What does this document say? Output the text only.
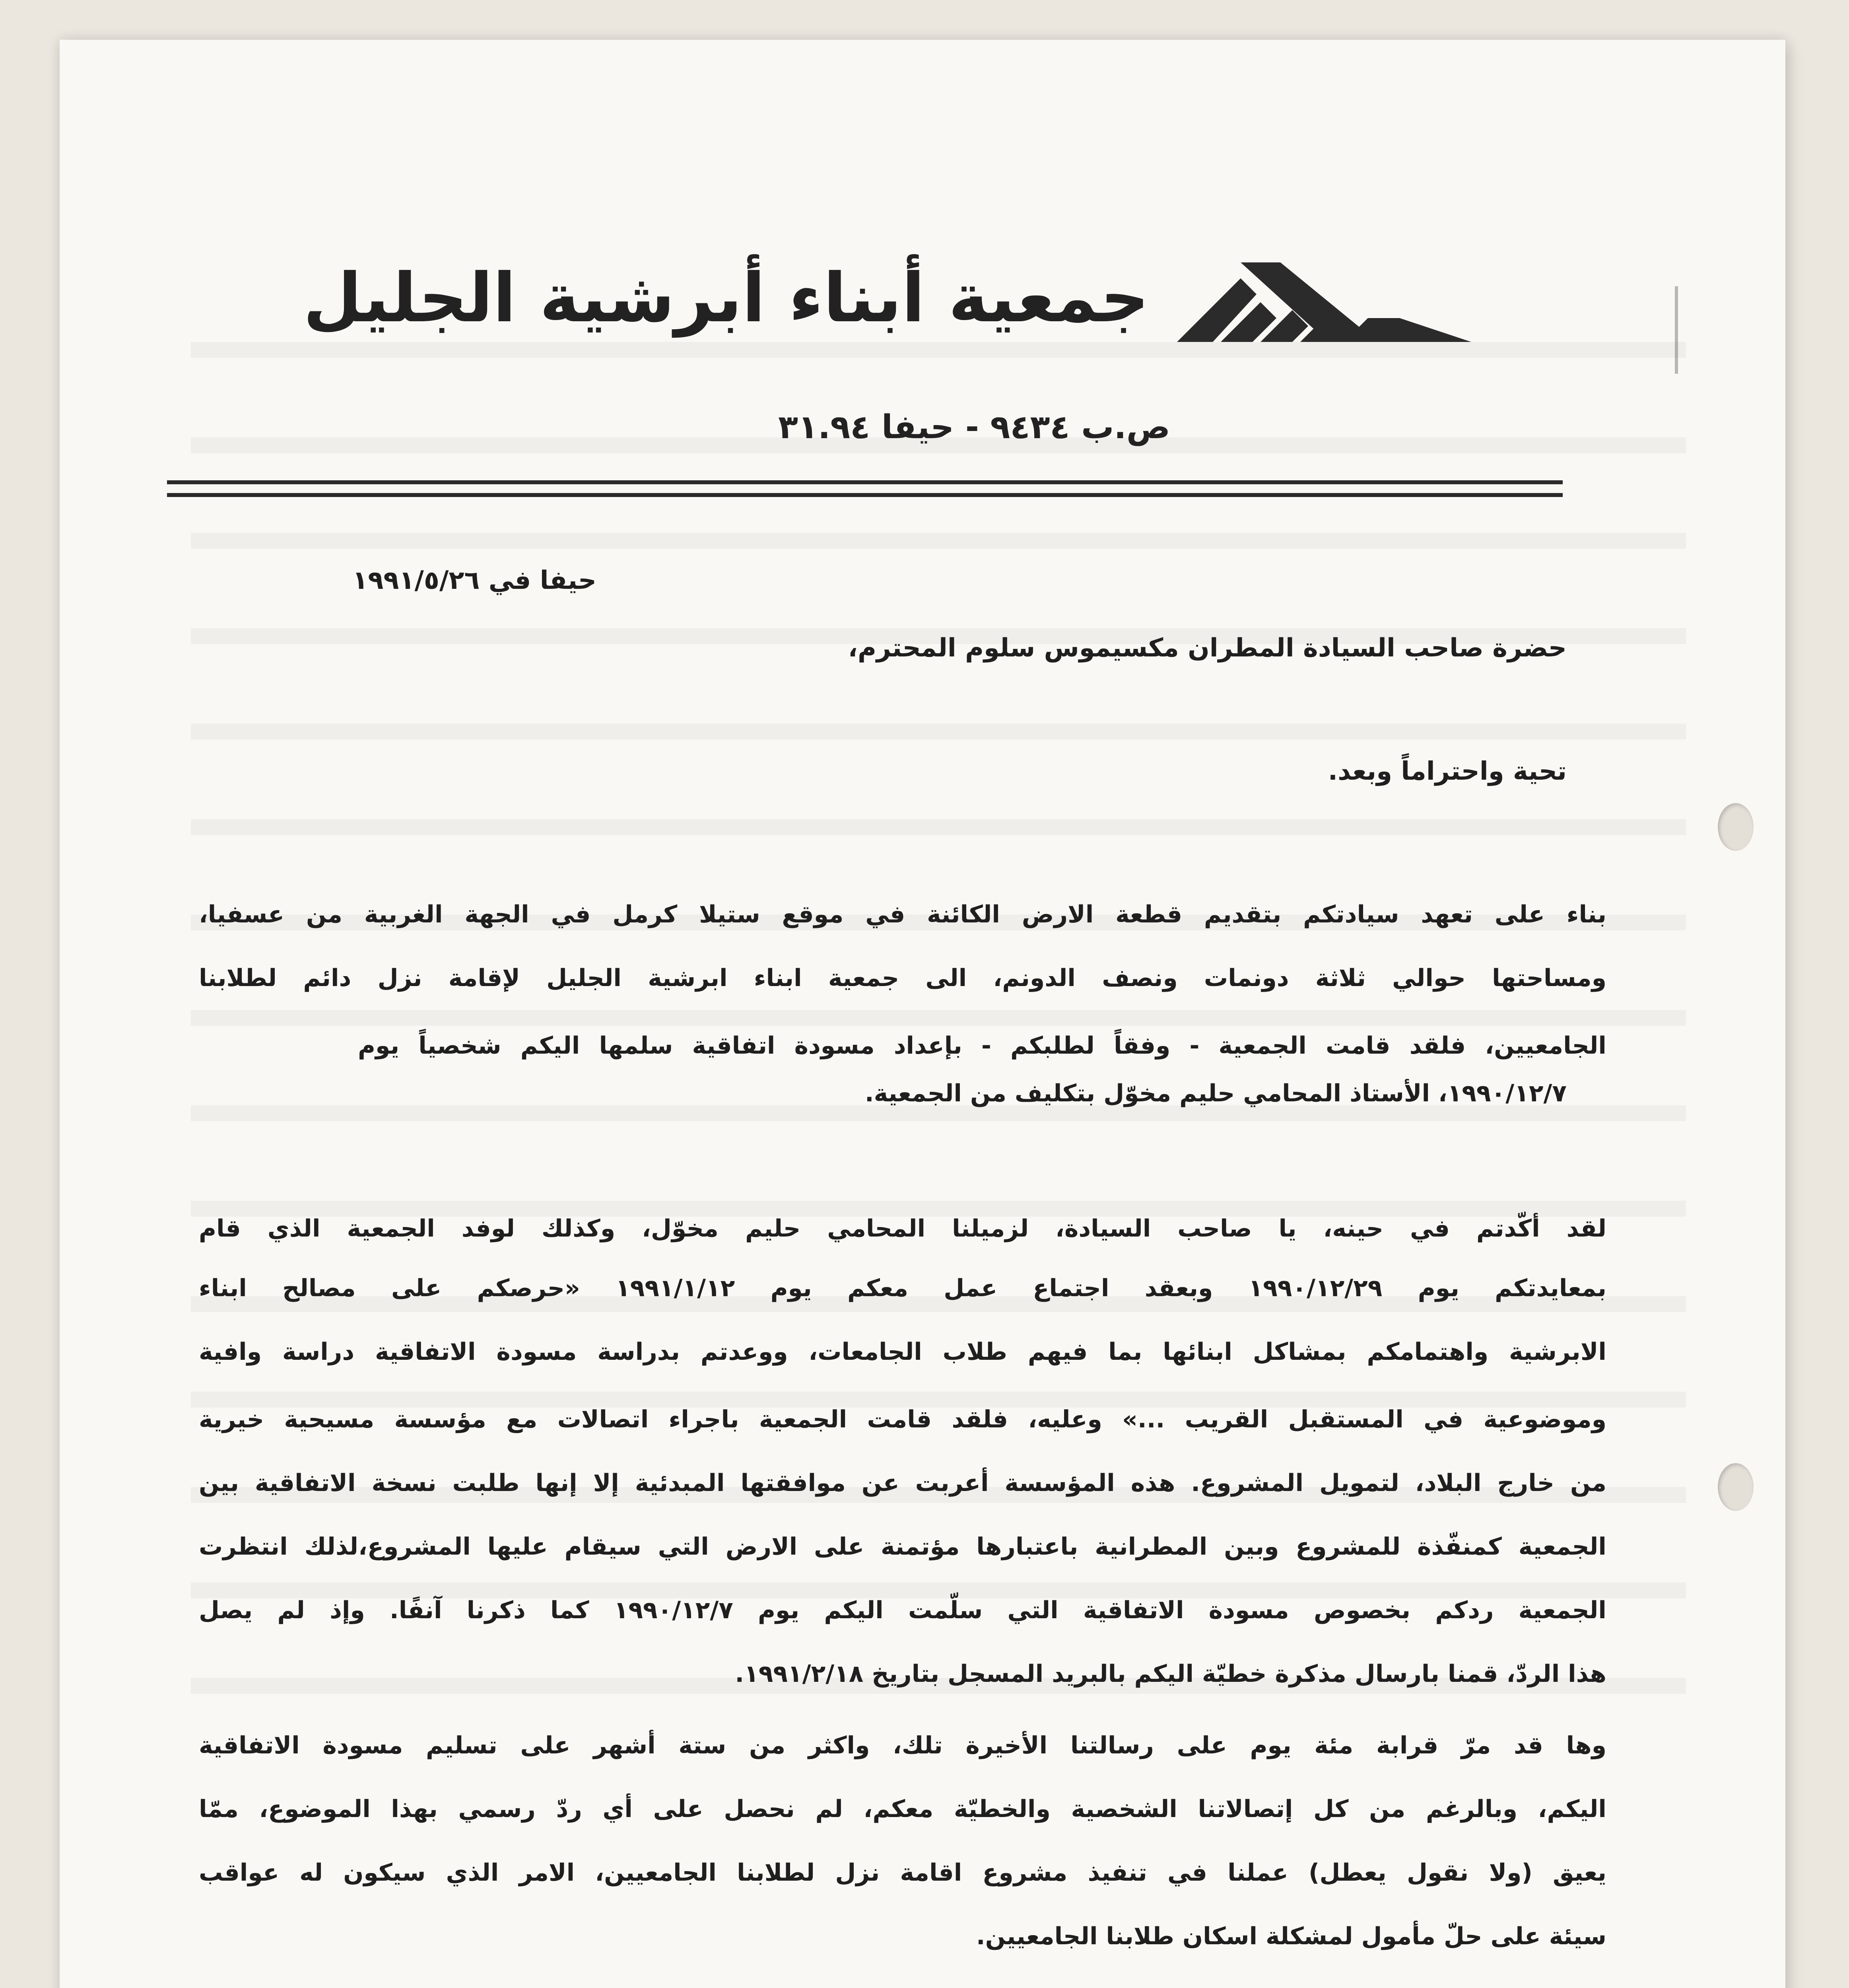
جمعية أبناء أبرشية الجليل
ص.ب ٩٤٣٤ - حيفا ٣١.٩٤
حيفا في ١٩٩١/٥/٢٦
حضرة صاحب السيادة المطران مكسيموس سلوم المحترم،
تحية واحتراماً وبعد.
بناء على تعهد سيادتكم بتقديم قطعة الارض الكائنة في موقع ستيلا كرمل في الجهة الغربية من عسفيا،
ومساحتها حوالي ثلاثة دونمات ونصف الدونم، الى جمعية ابناء ابرشية الجليل لإقامة نزل دائم لطلابنا
الجامعيين، فلقد قامت الجمعية - وفقاً لطلبكم - بإعداد مسودة اتفاقية سلمها اليكم شخصياً يوم
١٩٩٠/١٢/٧، الأستاذ المحامي حليم مخوّل بتكليف من الجمعية.
لقد أكّدتم في حينه، يا صاحب السيادة، لزميلنا المحامي حليم مخوّل، وكذلك لوفد الجمعية الذي قام
بمعايدتكم يوم ١٩٩٠/١٢/٢٩ وبعقد اجتماع عمل معكم يوم ١٩٩١/١/١٢ «حرصكم على مصالح ابناء
الابرشية واهتمامكم بمشاكل ابنائها بما فيهم طلاب الجامعات، ووعدتم بدراسة مسودة الاتفاقية دراسة وافية
وموضوعية في المستقبل القريب ...» وعليه، فلقد قامت الجمعية باجراء اتصالات مع مؤسسة مسيحية خيرية
من خارج البلاد، لتمويل المشروع. هذه المؤسسة أعربت عن موافقتها المبدئية إلا إنها طلبت نسخة الاتفاقية بين
الجمعية كمنفّذة للمشروع وبين المطرانية باعتبارها مؤتمنة على الارض التي سيقام عليها المشروع،لذلك انتظرت
الجمعية ردكم بخصوص مسودة الاتفاقية التي سلّمت اليكم يوم ١٩٩٠/١٢/٧ كما ذكرنا آنفًا. وإذ لم يصل
هذا الردّ، قمنا بارسال مذكرة خطيّة اليكم بالبريد المسجل بتاريخ ١٩٩١/٢/١٨.
وها قد مرّ قرابة مئة يوم على رسالتنا الأخيرة تلك، واكثر من ستة أشهر على تسليم مسودة الاتفاقية
اليكم، وبالرغم من كل إتصالاتنا الشخصية والخطيّة معكم، لم نحصل على أي ردّ رسمي بهذا الموضوع، ممّا
يعيق (ولا نقول يعطل) عملنا في تنفيذ مشروع اقامة نزل لطلابنا الجامعيين، الامر الذي سيكون له عواقب
سيئة على حلّ مأمول لمشكلة اسكان طلابنا الجامعيين.
